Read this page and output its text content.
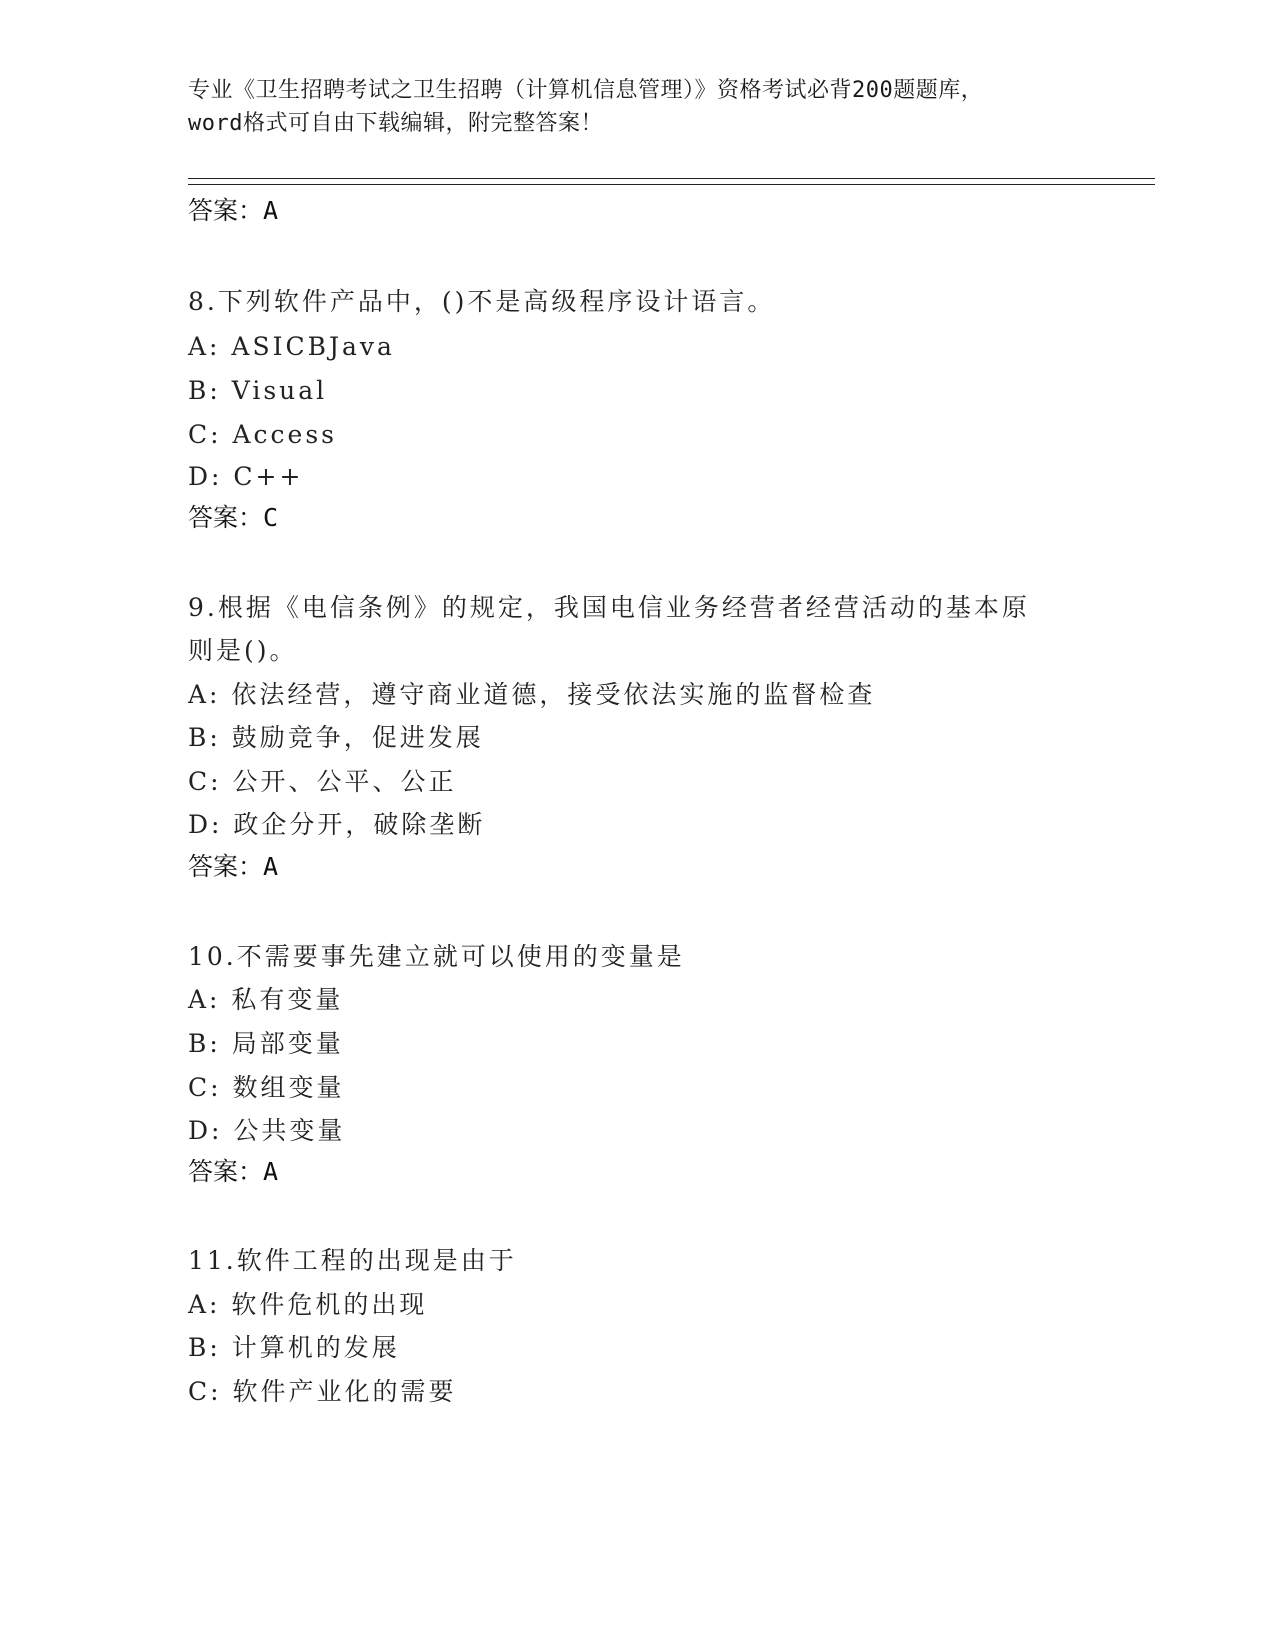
专业《卫生招聘考试之卫生招聘（计算机信息管理）》资格考试必背200题题库，
word格式可自由下载编辑，附完整答案！
答案：A
8.下列软件产品中，()不是高级程序设计语言。
A: ASICBJava
B: Visual
C: Access
D: C++
答案：C
9.根据《电信条例》的规定，我国电信业务经营者经营活动的基本原
则是()。
A: 依法经营，遵守商业道德，接受依法实施的监督检查
B: 鼓励竞争，促进发展
C: 公开、公平、公正
D: 政企分开，破除垄断
答案：A
10.不需要事先建立就可以使用的变量是
A: 私有变量
B: 局部变量
C: 数组变量
D: 公共变量
答案：A
11.软件工程的出现是由于
A: 软件危机的出现
B: 计算机的发展
C: 软件产业化的需要
